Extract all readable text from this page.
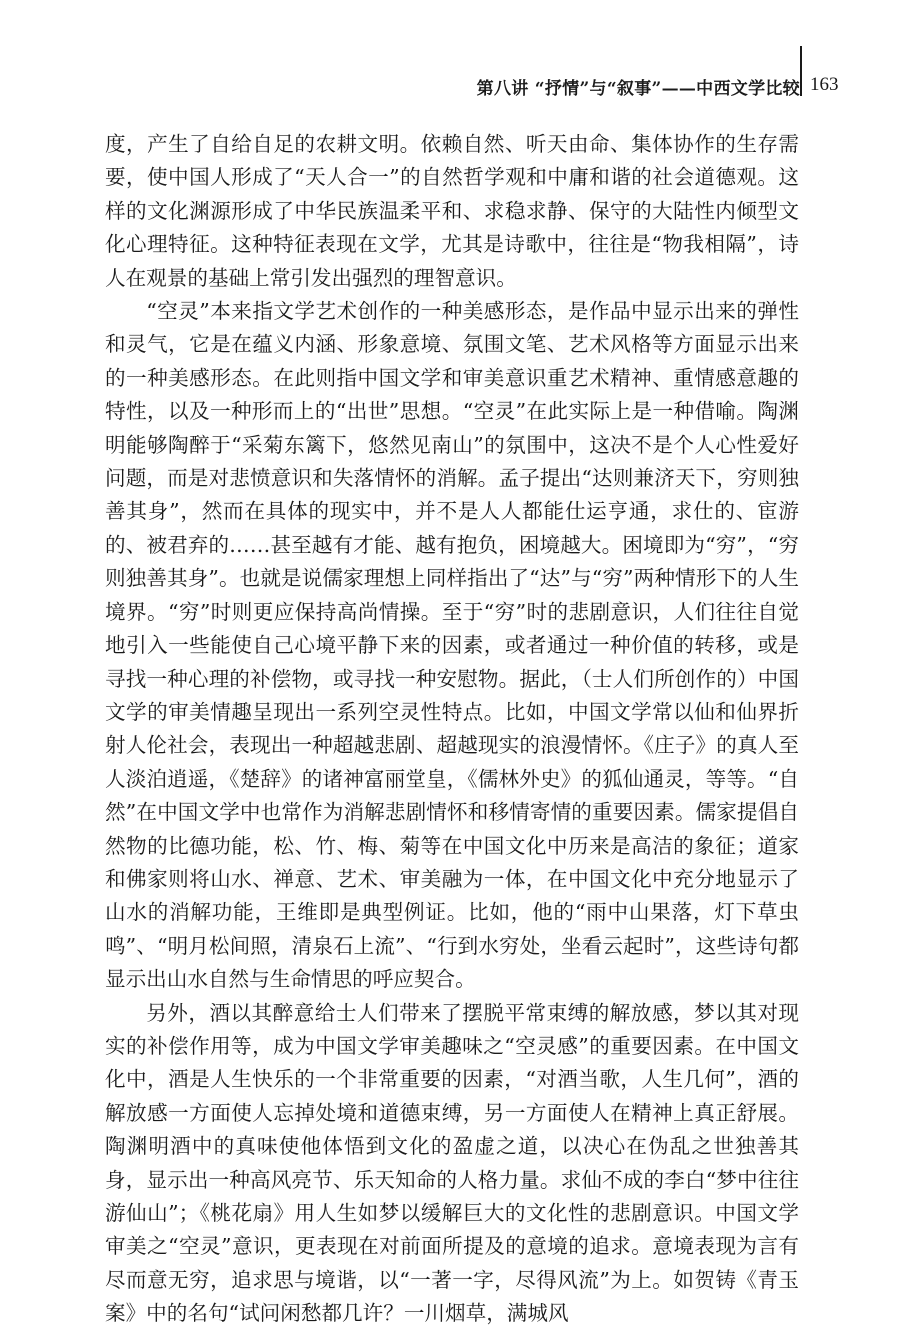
第八讲 “抒情”与“叙事”——中西文学比较 163

度，产生了自给自足的农耕文明。依赖自然、听天由命、集体协作的生存需要，使中国人形成了“天人合一”的自然哲学观和中庸和谐的社会道德观。这样的文化渊源形成了中华民族温柔平和、求稳求静、保守的大陆性内倾型文化心理特征。这种特征表现在文学，尤其是诗歌中，往往是“物我相隔”，诗人在观景的基础上常引发出强烈的理智意识。

“空灵”本来指文学艺术创作的一种美感形态，是作品中显示出来的弹性和灵气，它是在蕴义内涵、形象意境、氛围文笔、艺术风格等方面显示出来的一种美感形态。在此则指中国文学和审美意识重艺术精神、重情感意趣的特性，以及一种形而上的“出世”思想。“空灵”在此实际上是一种借喻。陶渊明能够陶醉于“采菊东篱下，悠然见南山”的氛围中，这决不是个人心性爱好问题，而是对悲愤意识和失落情怀的消解。孟子提出“达则兼济天下，穷则独善其身”，然而在具体的现实中，并不是人人都能仕运亨通，求仕的、宦游的、被君弃的……甚至越有才能、越有抱负，困境越大。困境即为“穷”，“穷则独善其身”。也就是说儒家理想上同样指出了“达”与“穷”两种情形下的人生境界。“穷”时则更应保持高尚情操。至于“穷”时的悲剧意识，人们往往自觉地引入一些能使自己心境平静下来的因素，或者通过一种价值的转移，或是寻找一种心理的补偿物，或寻找一种安慰物。据此，（士人们所创作的）中国文学的审美情趣呈现出一系列空灵性特点。比如，中国文学常以仙和仙界折射人伦社会，表现出一种超越悲剧、超越现实的浪漫情怀。《庄子》的真人至人淡泊逍遥，《楚辞》的诸神富丽堂皇，《儒林外史》的狐仙通灵，等等。“自然”在中国文学中也常作为消解悲剧情怀和移情寄情的重要因素。儒家提倡自然物的比德功能，松、竹、梅、菊等在中国文化中历来是高洁的象征；道家和佛家则将山水、禅意、艺术、审美融为一体，在中国文化中充分地显示了山水的消解功能，王维即是典型例证。比如，他的“雨中山果落，灯下草虫鸣”、“明月松间照，清泉石上流”、“行到水穷处，坐看云起时”，这些诗句都显示出山水自然与生命情思的呼应契合。

另外，酒以其醉意给士人们带来了摆脱平常束缚的解放感，梦以其对现实的补偿作用等，成为中国文学审美趣味之“空灵感”的重要因素。在中国文化中，酒是人生快乐的一个非常重要的因素，“对酒当歌，人生几何”，酒的解放感一方面使人忘掉处境和道德束缚，另一方面使人在精神上真正舒展。陶渊明酒中的真味使他体悟到文化的盈虚之道，以决心在伪乱之世独善其身，显示出一种高风亮节、乐天知命的人格力量。求仙不成的李白“梦中往往游仙山”；《桃花扇》用人生如梦以缓解巨大的文化性的悲剧意识。中国文学审美之“空灵”意识，更表现在对前面所提及的意境的追求。意境表现为言有尽而意无穷，追求思与境谐，以“一著一字，尽得风流”为上。如贺铸《青玉案》中的名句“试问闲愁都几许？一川烟草，满城风
